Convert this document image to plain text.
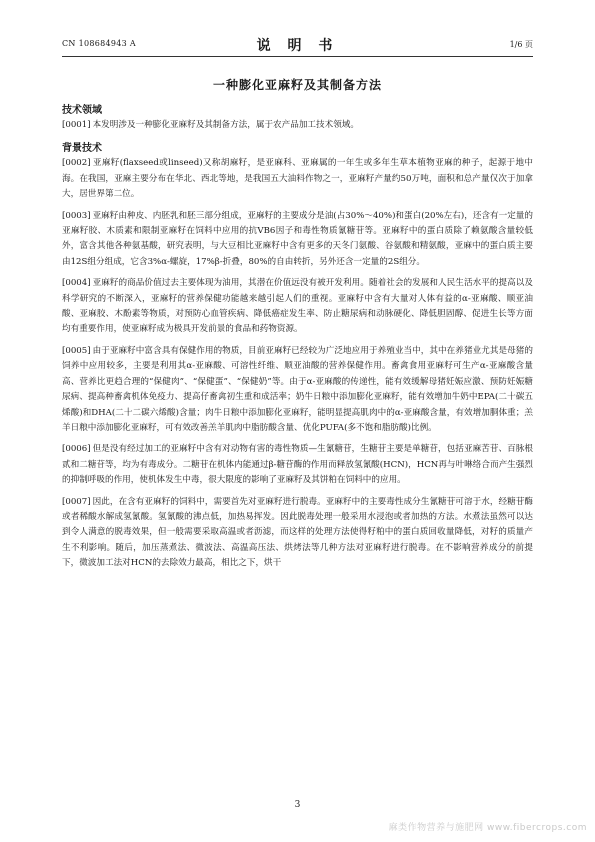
CN 108684943 A	说 明 书	1/6 页
一种膨化亚麻籽及其制备方法
技术领域

[0001] 本发明涉及一种膨化亚麻籽及其制备方法，属于农产品加工技术领域。

背景技术

[0002] 亚麻籽(flaxseed或linseed)又称胡麻籽，是亚麻科、亚麻属的一年生或多年生草本植物亚麻的种子，起源于地中海。在我国，亚麻主要分布在华北、西北等地，是我国五大油料作物之一，亚麻籽产量约50万吨，面积和总产量仅次于加拿大，居世界第二位。

[0003] 亚麻籽由种皮、内胚乳和胚三部分组成，亚麻籽的主要成分是油(占30%～40%)和蛋白(20%左右)，还含有一定量的亚麻籽胶、木质素和限制亚麻籽在饲料中应用的抗VB6因子和毒性物质氰糖苷等。亚麻籽中的蛋白质除了赖氨酸含量较低外，富含其他各种氨基酸，研究表明，与大豆相比亚麻籽中含有更多的天冬门氨酸、谷氨酸和精氨酸，亚麻中的蛋白质主要由12S组分组成，它含3%α-螺旋，17%β-折叠，80%的自由转折，另外还含一定量的2S组分。

[0004] 亚麻籽的商品价值过去主要体现为油用，其潜在价值远没有被开发利用。随着社会的发展和人民生活水平的提高以及科学研究的不断深入，亚麻籽的营养保健功能越来越引起人们的重视。亚麻籽中含有大量对人体有益的α-亚麻酸、顺亚油酸、亚麻胶、木酚素等物质，对预防心血管疾病、降低癌症发生率、防止糖尿病和动脉硬化、降低胆固醇、促进生长等方面均有重要作用，使亚麻籽成为极具开发前景的食品和药物资源。

[0005] 由于亚麻籽中富含具有保健作用的物质，目前亚麻籽已经较为广泛地应用于养殖业当中，其中在养猪业尤其是母猪的饲养中应用较多，主要是利用其α-亚麻酸、可溶性纤维、顺亚油酸的营养保健作用。畜禽食用亚麻籽可生产α-亚麻酸含量高、营养比更趋合理的“保健肉”、“保健蛋”、“保健奶”等。由于α-亚麻酸的传递性，能有效缓解母猪妊娠应激、预防妊娠糖尿病、提高种畜禽机体免疫力、提高仔畜禽初生重和成活率；奶牛日粮中添加膨化亚麻籽，能有效增加牛奶中EPA(二十碳五烯酸)和DHA(二十二碳六烯酸)含量；肉牛日粮中添加膨化亚麻籽，能明显提高肌肉中的α-亚麻酸含量，有效增加胴体重；羔羊日粮中添加膨化亚麻籽，可有效改善羔羊肌肉中脂肪酸含量、优化PUFA(多不饱和脂肪酸)比例。

[0006] 但是没有经过加工的亚麻籽中含有对动物有害的毒性物质—生氰糖苷，生糖苷主要是单糖苷，包括亚麻苦苷、百脉根贰和二糖苷等，均为有毒成分。二糖苷在机体内能通过β-糖苷酶的作用而释放氢氰酸(HCN)，HCN再与叶啉络合而产生强烈的抑制呼吸的作用，使机体发生中毒，很大限度的影响了亚麻籽及其饼粕在饲料中的应用。

[0007] 因此，在含有亚麻籽的饲料中，需要首先对亚麻籽进行脱毒。亚麻籽中的主要毒性成分生氰糖苷可溶于水，经糖苷酶或者稀酸水解成氢氰酸。氢氰酸的沸点低，加热易挥发。因此脱毒处理一般采用水浸泡或者加热的方法。水煮法虽然可以达到令人满意的脱毒效果，但一般需要采取高温或者沥滤，而这样的处理方法使得籽粕中的蛋白质回收量降低，对籽的质量产生不利影响。随后，加压蒸煮法、微波法、高温高压法、烘烤法等几种方法对亚麻籽进行脱毒。在不影响营养成分的前提下，微波加工法对HCN的去除效力最高，相比之下，烘干

3
麻类作物营养与施肥网 www.fibercrops.com
